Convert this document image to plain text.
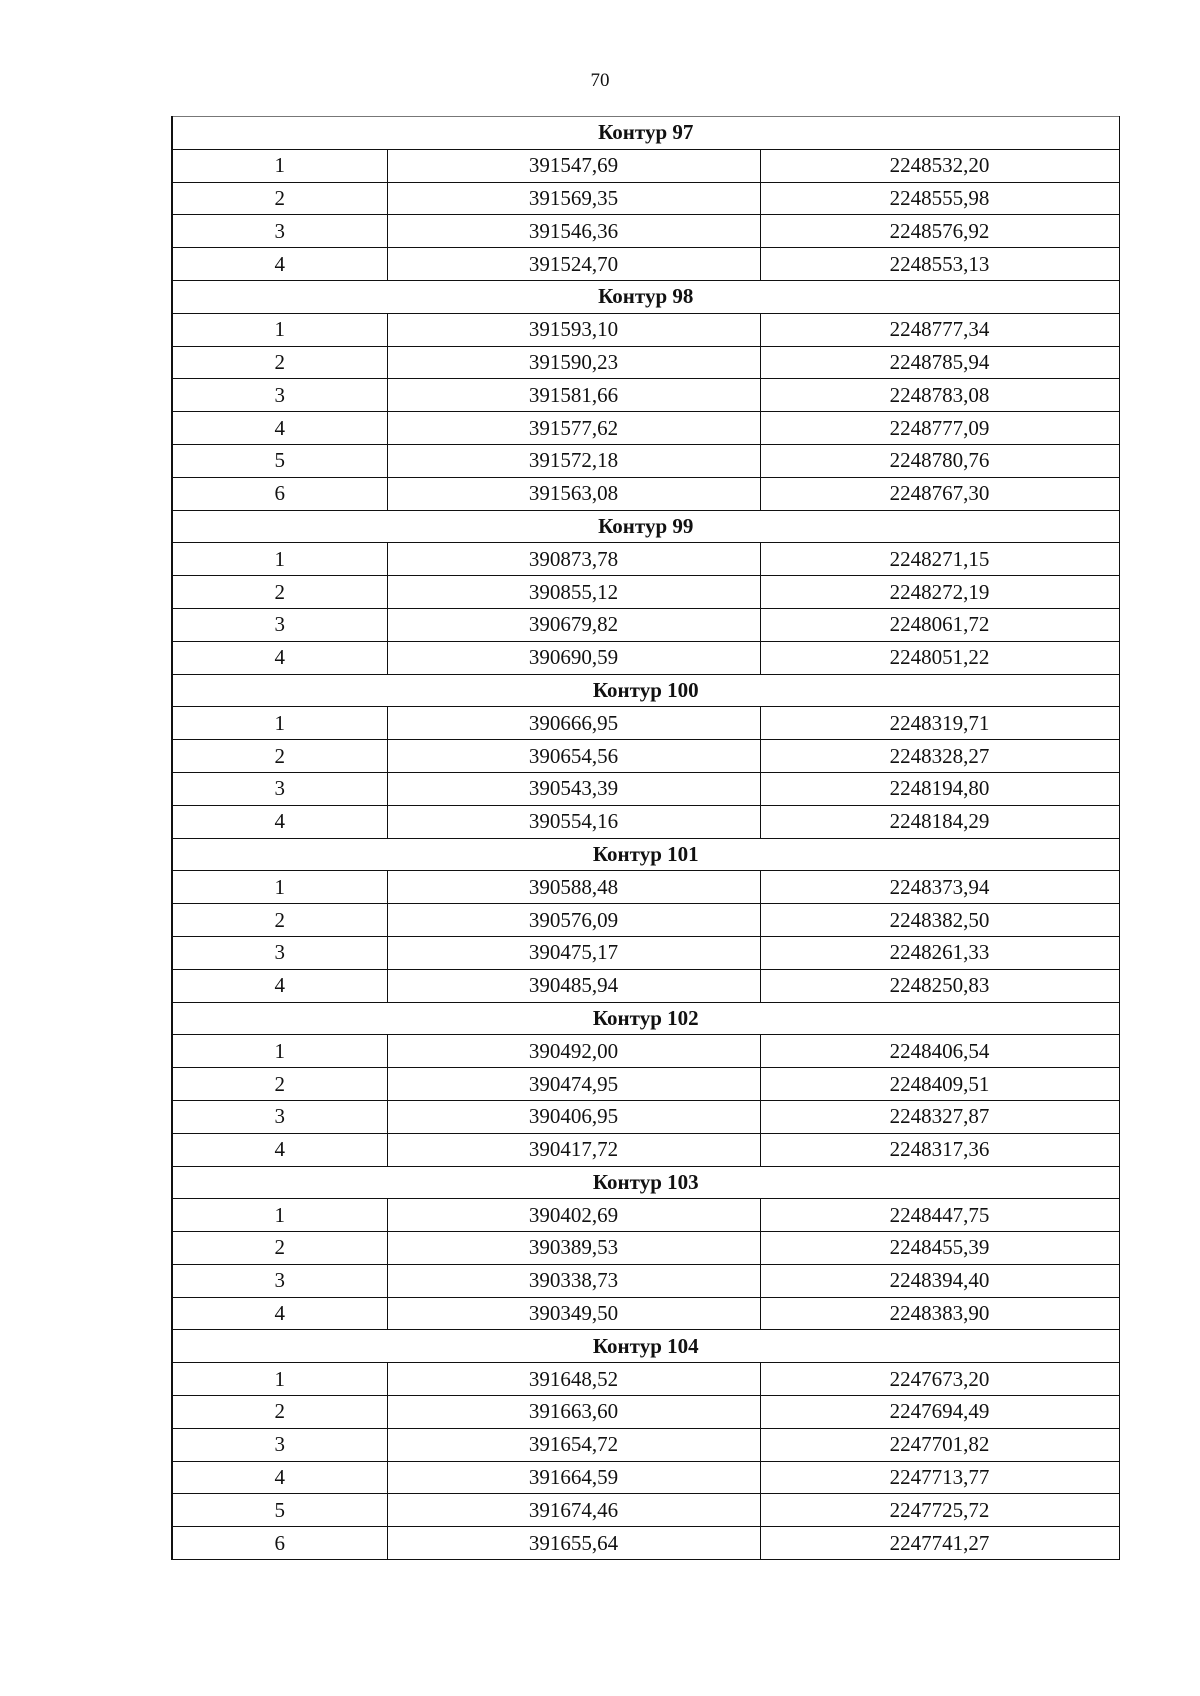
70
Контур 97		
1	391547,69	2248532,20
2	391569,35	2248555,98
3	391546,36	2248576,92
4	391524,70	2248553,13
Контур 98		
1	391593,10	2248777,34
2	391590,23	2248785,94
3	391581,66	2248783,08
4	391577,62	2248777,09
5	391572,18	2248780,76
6	391563,08	2248767,30
Контур 99		
1	390873,78	2248271,15
2	390855,12	2248272,19
3	390679,82	2248061,72
4	390690,59	2248051,22
Контур 100		
1	390666,95	2248319,71
2	390654,56	2248328,27
3	390543,39	2248194,80
4	390554,16	2248184,29
Контур 101		
1	390588,48	2248373,94
2	390576,09	2248382,50
3	390475,17	2248261,33
4	390485,94	2248250,83
Контур 102		
1	390492,00	2248406,54
2	390474,95	2248409,51
3	390406,95	2248327,87
4	390417,72	2248317,36
Контур 103		
1	390402,69	2248447,75
2	390389,53	2248455,39
3	390338,73	2248394,40
4	390349,50	2248383,90
Контур 104		
1	391648,52	2247673,20
2	391663,60	2247694,49
3	391654,72	2247701,82
4	391664,59	2247713,77
5	391674,46	2247725,72
6	391655,64	2247741,27
